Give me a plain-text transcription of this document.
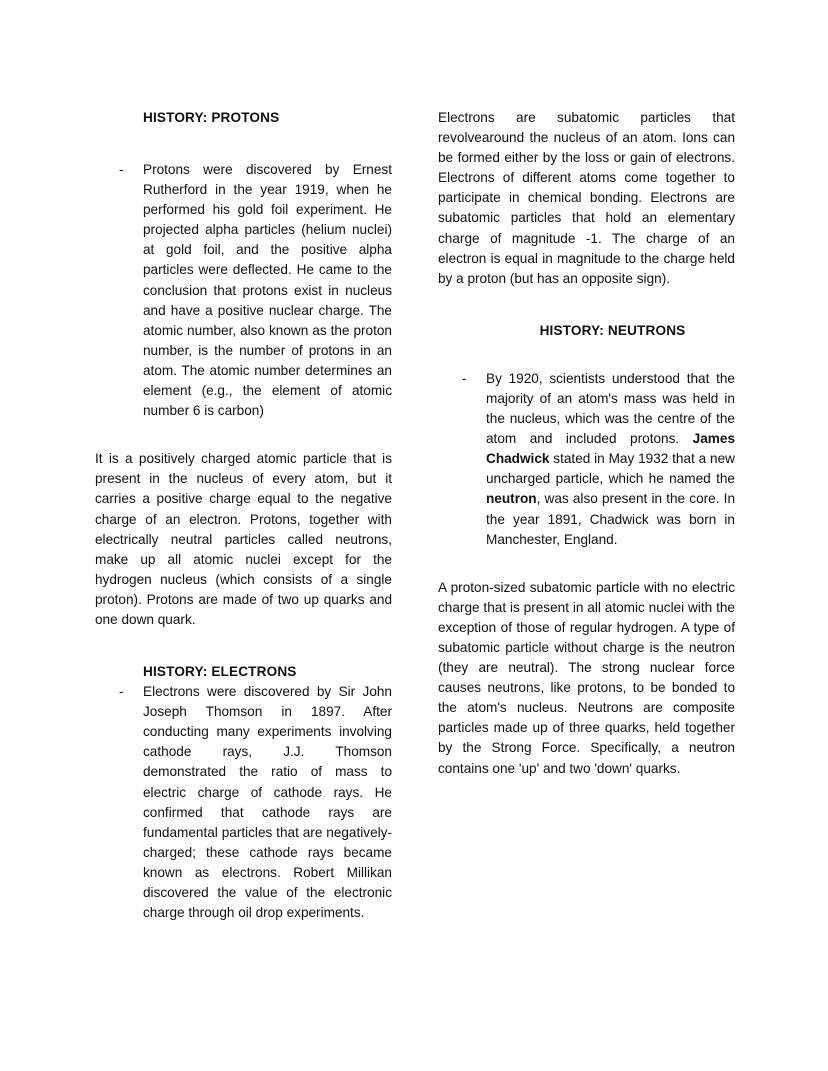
HISTORY: PROTONS
- Protons were discovered by Ernest Rutherford in the year 1919, when he performed his gold foil experiment. He projected alpha particles (helium nuclei) at gold foil, and the positive alpha particles were deflected. He came to the conclusion that protons exist in nucleus and have a positive nuclear charge. The atomic number, also known as the proton number, is the number of protons in an atom. The atomic number determines an element (e.g., the element of atomic number 6 is carbon)
It is a positively charged atomic particle that is present in the nucleus of every atom, but it carries a positive charge equal to the negative charge of an electron. Protons, together with electrically neutral particles called neutrons, make up all atomic nuclei except for the hydrogen nucleus (which consists of a single proton). Protons are made of two up quarks and one down quark.
HISTORY: ELECTRONS
- Electrons were discovered by Sir John Joseph Thomson in 1897. After conducting many experiments involving cathode rays, J.J. Thomson demonstrated the ratio of mass to electric charge of cathode rays. He confirmed that cathode rays are fundamental particles that are negatively-charged; these cathode rays became known as electrons. Robert Millikan discovered the value of the electronic charge through oil drop experiments.
Electrons are subatomic particles that revolvearound the nucleus of an atom. Ions can be formed either by the loss or gain of electrons. Electrons of different atoms come together to participate in chemical bonding. Electrons are subatomic particles that hold an elementary charge of magnitude -1. The charge of an electron is equal in magnitude to the charge held by a proton (but has an opposite sign).
HISTORY: NEUTRONS
- By 1920, scientists understood that the majority of an atom's mass was held in the nucleus, which was the centre of the atom and included protons. James Chadwick stated in May 1932 that a new uncharged particle, which he named the neutron, was also present in the core. In the year 1891, Chadwick was born in Manchester, England.
A proton-sized subatomic particle with no electric charge that is present in all atomic nuclei with the exception of those of regular hydrogen. A type of subatomic particle without charge is the neutron (they are neutral). The strong nuclear force causes neutrons, like protons, to be bonded to the atom's nucleus. Neutrons are composite particles made up of three quarks, held together by the Strong Force. Specifically, a neutron contains one 'up' and two 'down' quarks.
